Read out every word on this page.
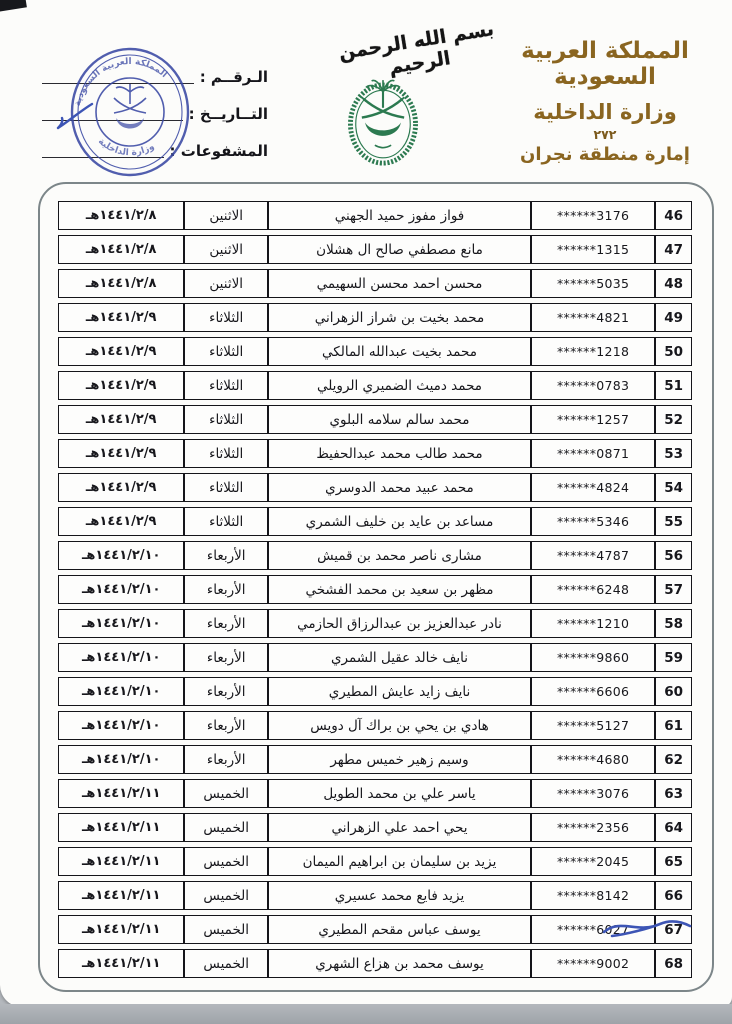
المملكة العربية السعودية
وزارة الداخلية
٢٧٢
إمارة منطقة نجران
بسم الله الرحمن الرحيم
الـرقــم :
التــاريــخ :
المشفوعات :
المملكة العربية السعودية
وزارة الداخلية
46	******3176	فواز مفوز حميد الجهني	الاثنين	١٤٤١/٢/٨هـ
47	******1315	مانع مصطفي صالح ال هشلان	الاثنين	١٤٤١/٢/٨هـ
48	******5035	محسن احمد محسن السهيمي	الاثنين	١٤٤١/٢/٨هـ
49	******4821	محمد بخيت بن شراز الزهراني	الثلاثاء	١٤٤١/٢/٩هـ
50	******1218	محمد بخيت عبدالله المالكي	الثلاثاء	١٤٤١/٢/٩هـ
51	******0783	محمد دميث الضميري الرويلي	الثلاثاء	١٤٤١/٢/٩هـ
52	******1257	محمد سالم سلامه البلوي	الثلاثاء	١٤٤١/٢/٩هـ
53	******0871	محمد طالب محمد عبدالحفيظ	الثلاثاء	١٤٤١/٢/٩هـ
54	******4824	محمد عبيد محمد الدوسري	الثلاثاء	١٤٤١/٢/٩هـ
55	******5346	مساعد بن عايد بن خليف الشمري	الثلاثاء	١٤٤١/٢/٩هـ
56	******4787	مشارى ناصر محمد بن قميش	الأربعاء	١٤٤١/٢/١٠هـ
57	******6248	مظهر بن سعيد بن محمد الفشخي	الأربعاء	١٤٤١/٢/١٠هـ
58	******1210	نادر عبدالعزيز بن عبدالرزاق الحازمي	الأربعاء	١٤٤١/٢/١٠هـ
59	******9860	نايف خالد عقيل الشمري	الأربعاء	١٤٤١/٢/١٠هـ
60	******6606	نايف زايد عايش المطيري	الأربعاء	١٤٤١/٢/١٠هـ
61	******5127	هادي بن يحي بن براك آل دويس	الأربعاء	١٤٤١/٢/١٠هـ
62	******4680	وسيم زهير خميس مطهر	الأربعاء	١٤٤١/٢/١٠هـ
63	******3076	ياسر علي بن محمد الطويل	الخميس	١٤٤١/٢/١١هـ
64	******2356	يحي احمد علي الزهراني	الخميس	١٤٤١/٢/١١هـ
65	******2045	يزيد بن سليمان بن ابراهيم الميمان	الخميس	١٤٤١/٢/١١هـ
66	******8142	يزيد فايع محمد عسيري	الخميس	١٤٤١/٢/١١هـ
67	******6027	يوسف عباس مقحم المطيري	الخميس	١٤٤١/٢/١١هـ
68	******9002	يوسف محمد بن هزاع الشهري	الخميس	١٤٤١/٢/١١هـ
